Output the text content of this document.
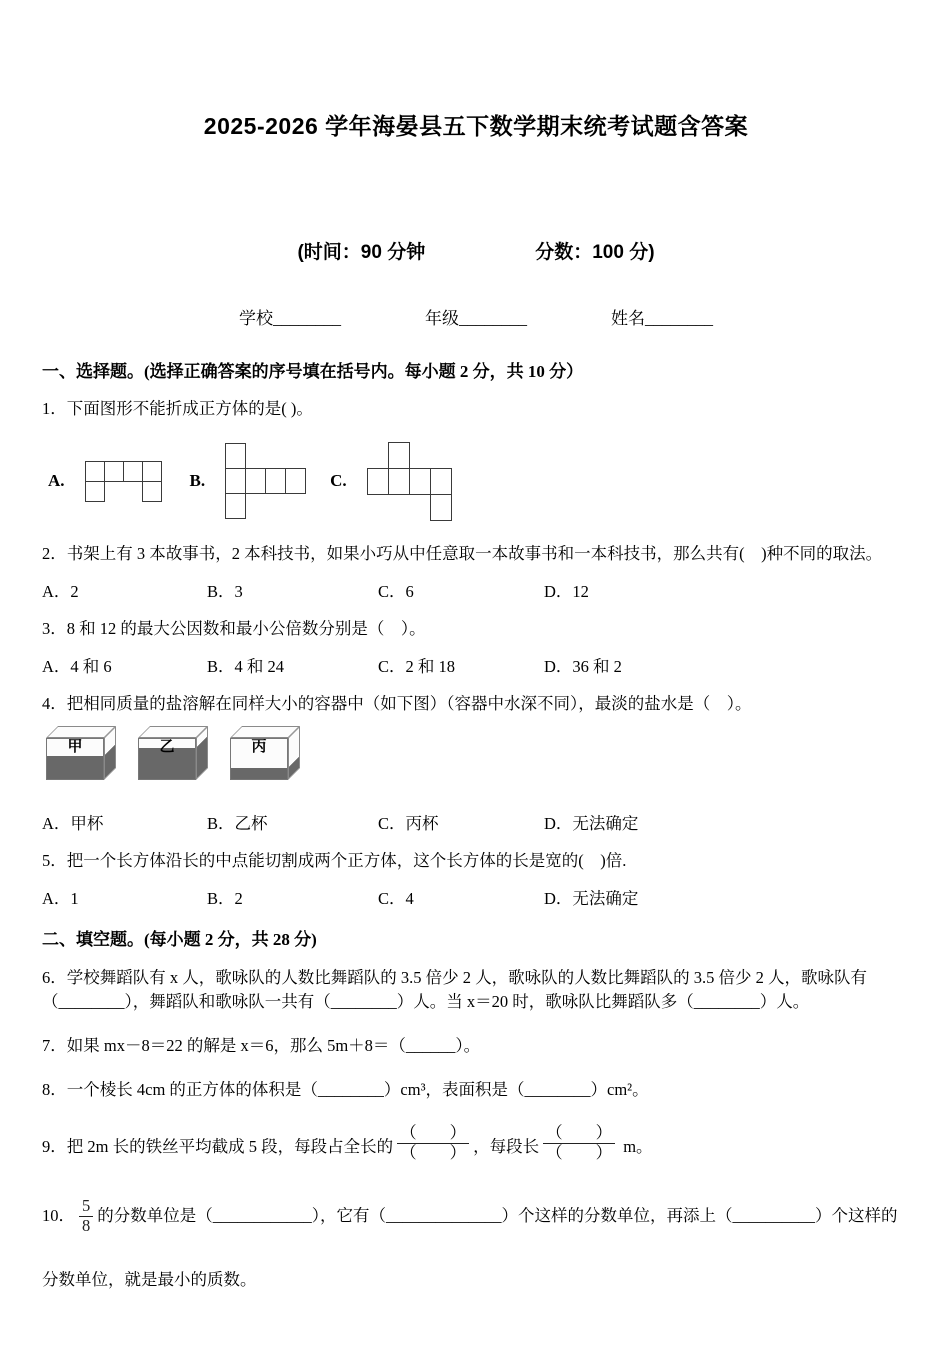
2025-2026 学年海晏县五下数学期末统考试题含答案
(时间：90 分钟	分数：100 分)
学校________	年级________	姓名________
一、选择题。(选择正确答案的序号填在括号内。每小题 2 分，共 10 分）

1．下面图形不能折成正方体的是( )。

A.	B.	C.

2．书架上有 3 本故事书，2 本科技书，如果小巧从中任意取一本故事书和一本科技书，那么共有(　)种不同的取法。

A．2	B．3	C．6	D．12

3．8 和 12 的最大公因数和最小公倍数分别是（　）。

A．4 和 6	B．4 和 24	C．2 和 18	D．36 和 2

4．把相同质量的盐溶解在同样大小的容器中（如下图）（容器中水深不同），最淡的盐水是（　）。

甲	乙	丙
A．甲杯	B．乙杯	C．丙杯	D．无法确定

5．把一个长方体沿长的中点能切割成两个正方体，这个长方体的长是宽的(　)倍.

A．1	B．2	C．4	D．无法确定
二、填空题。(每小题 2 分，共 28 分)

6．学校舞蹈队有 x 人，歌咏队的人数比舞蹈队的 3.5 倍少 2 人，歌咏队的人数比舞蹈队的 3.5 倍少 2 人，歌咏队有（________），舞蹈队和歌咏队一共有（________）人。当 x＝20 时，歌咏队比舞蹈队多（________）人。

7．如果 mx－8＝22 的解是 x＝6，那么 5m＋8＝（______）。

8．一个棱长 4cm 的正方体的体积是（________）cm³，表面积是（________）cm²。

9．把 2m 长的铁丝平均截成 5 段，每段占全长的 $\frac{( )}{( )}$ ，每段长 $\frac{( )}{( )}$ m。

10． $\frac{5}{8}$ 的分数单位是（____________），它有（______________）个这样的分数单位，再添上（__________）个这样的

分数单位，就是最小的质数。
